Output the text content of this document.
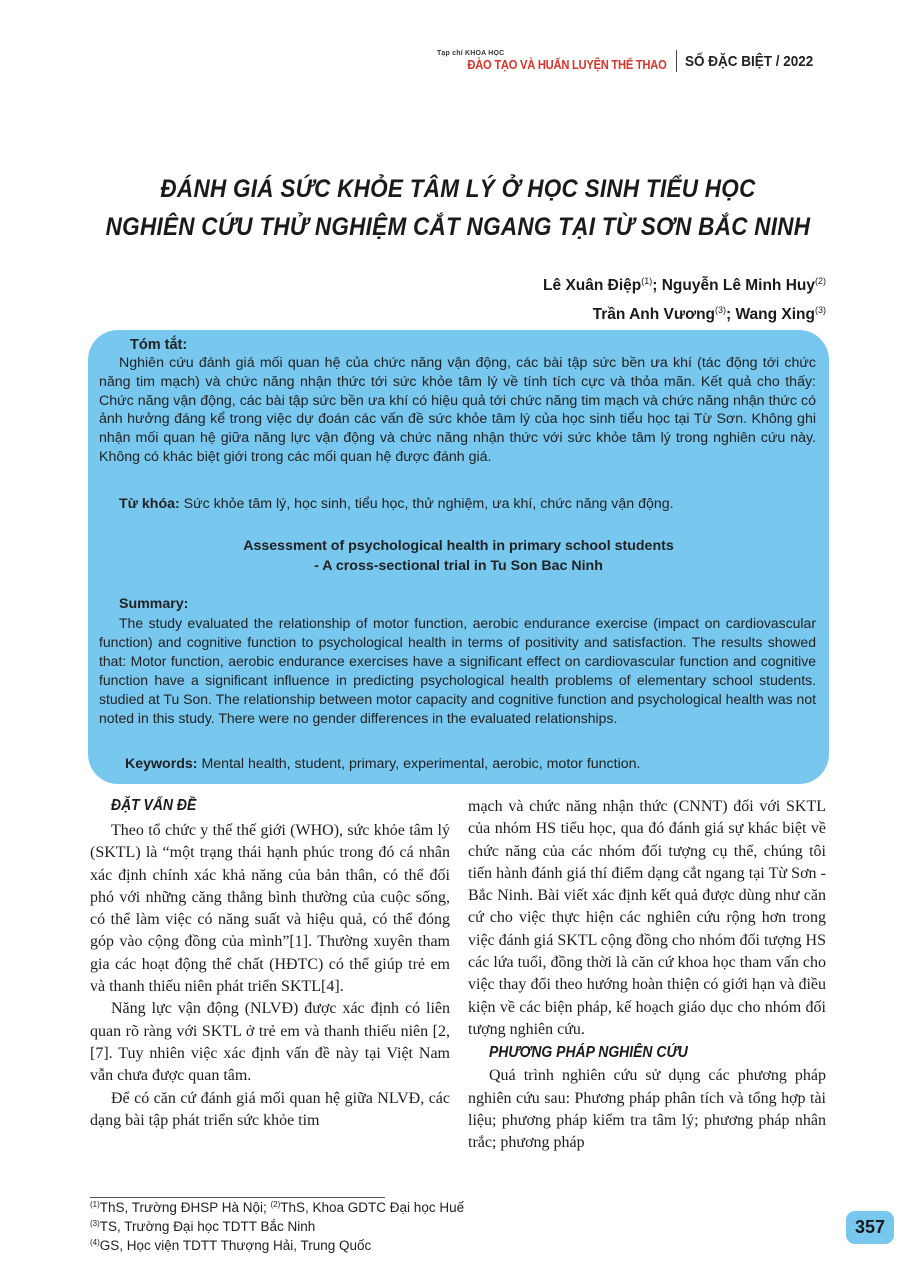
Tạp chí KHOA HỌC
ĐÀO TẠO VÀ HUẤN LUYỆN THỂ THAO SỐ ĐẶC BIỆT / 2022
ĐÁNH GIÁ SỨC KHỎE TÂM LÝ Ở HỌC SINH TIỂU HỌC
NGHIÊN CỨU THỬ NGHIỆM CẮT NGANG TẠI TỪ SƠN BẮC NINH
Lê Xuân Điệp$^{(1)}$; Nguyễn Lê Minh Huy$^{(2)}$
Trần Anh Vương$^{(3)}$; Wang Xing$^{(3)}$
Tóm tắt:

Nghiên cứu đánh giá mối quan hệ của chức năng vận động, các bài tập sức bền ưa khí (tác động tới chức năng tim mạch) và chức năng nhận thức tới sức khỏe tâm lý về tính tích cực và thỏa mãn. Kết quả cho thấy: Chức năng vận động, các bài tập sức bền ưa khí có hiệu quả tới chức năng tim mạch và chức năng nhận thức có ảnh hưởng đáng kể trong việc dự đoán các vấn đề sức khỏe tâm lý của học sinh tiểu học tại Từ Sơn. Không ghi nhận mối quan hệ giữa năng lực vận động và chức năng nhận thức với sức khỏe tâm lý trong nghiên cứu này. Không có khác biệt giới trong các mối quan hệ được đánh giá.

Từ khóa: Sức khỏe tâm lý, học sinh, tiểu học, thử nghiệm, ưa khí, chức năng vận động.
Assessment of psychological health in primary school students
- A cross-sectional trial in Tu Son Bac Ninh
Summary:

The study evaluated the relationship of motor function, aerobic endurance exercise (impact on cardiovascular function) and cognitive function to psychological health in terms of positivity and satisfaction. The results showed that: Motor function, aerobic endurance exercises have a significant effect on cardiovascular function and cognitive function have a significant influence in predicting psychological health problems of elementary school students. studied at Tu Son. The relationship between motor capacity and cognitive function and psychological health was not noted in this study. There were no gender differences in the evaluated relationships.

Keywords: Mental health, student, primary, experimental, aerobic, motor function.
ĐẶT VẤN ĐỀ

Theo tổ chức y thế thế giới (WHO), sức khỏe tâm lý (SKTL) là “một trạng thái hạnh phúc trong đó cá nhân xác định chính xác khả năng của bản thân, có thể đối phó với những căng thẳng bình thường của cuộc sống, có thể làm việc có năng suất và hiệu quả, có thể đóng góp vào cộng đồng của mình”[1]. Thường xuyên tham gia các hoạt động thể chất (HĐTC) có thể giúp trẻ em và thanh thiếu niên phát triển SKTL[4].

Năng lực vận động (NLVĐ) được xác định có liên quan rõ ràng với SKTL ở trẻ em và thanh thiếu niên [2, [7]. Tuy nhiên việc xác định vấn đề này tại Việt Nam vẫn chưa được quan tâm.

Để có căn cứ đánh giá mối quan hệ giữa NLVĐ, các dạng bài tập phát triển sức khỏe tim

mạch và chức năng nhận thức (CNNT) đối với SKTL của nhóm HS tiểu học, qua đó đánh giá sự khác biệt về chức năng của các nhóm đối tượng cụ thể, chúng tôi tiến hành đánh giá thí điểm dạng cắt ngang tại Từ Sơn - Bắc Ninh. Bài viết xác định kết quả được dùng như căn cứ cho việc thực hiện các nghiên cứu rộng hơn trong việc đánh giá SKTL cộng đồng cho nhóm đối tượng HS các lứa tuổi, đồng thời là căn cứ khoa học tham vấn cho việc thay đổi theo hướng hoàn thiện có giới hạn và điều kiện về các biện pháp, kế hoạch giáo dục cho nhóm đối tượng nghiên cứu.

PHƯƠNG PHÁP NGHIÊN CỨU

Quá trình nghiên cứu sử dụng các phương pháp nghiên cứu sau: Phương pháp phân tích và tổng hợp tài liệu; phương pháp kiểm tra tâm lý; phương pháp nhân trắc; phương pháp

$^{(1)}$ThS, Trường ĐHSP Hà Nội; $^{(2)}$ThS, Khoa GDTC Đại học Huế
$^{(3)}$TS, Trường Đại học TDTT Bắc Ninh
$^{(4)}$GS, Học viện TDTT Thượng Hải, Trung Quốc
357
